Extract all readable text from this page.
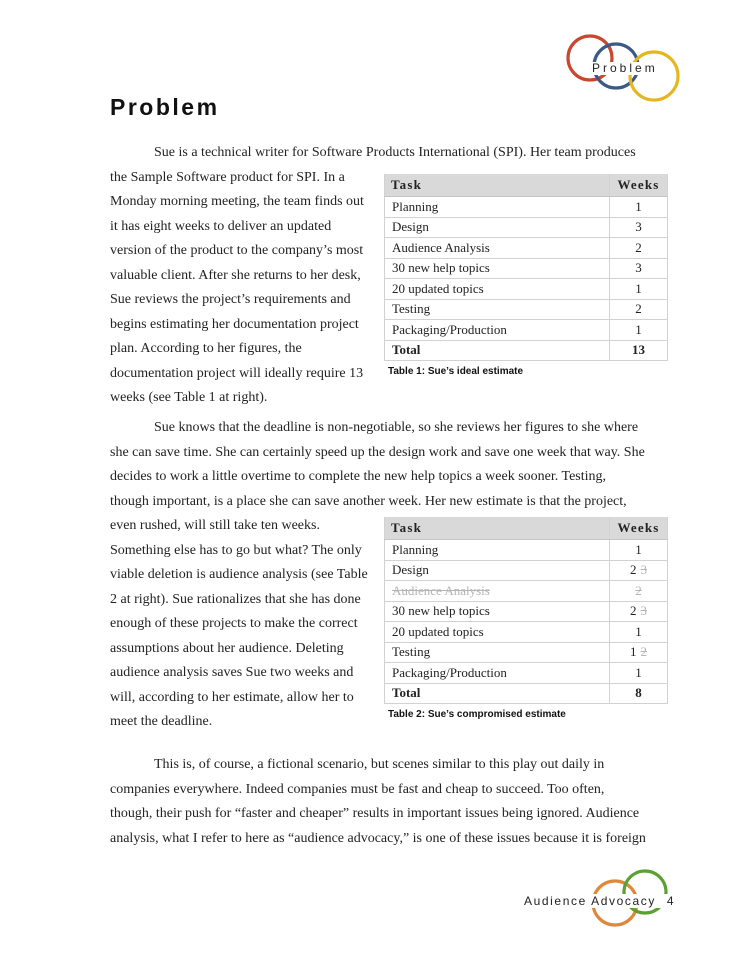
Problem
Problem

Sue is a technical writer for Software Products International (SPI). Her team produces
the Sample Software product for SPI. In a
Monday morning meeting, the team finds out
it has eight weeks to deliver an updated
version of the product to the company’s most
valuable client. After she returns to her desk,
Sue reviews the project’s requirements and
begins estimating her documentation project
plan. According to her figures, the
documentation project will ideally require 13
weeks (see Table 1 at right).

Task	Weeks
Planning	1
Design	3
Audience Analysis	2
30 new help topics	3
20 updated topics	1
Testing	2
Packaging/Production	1
Total	13
Table 1: Sue’s ideal estimate

Sue knows that the deadline is non-negotiable, so she reviews her figures to she where
she can save time. She can certainly speed up the design work and save one week that way. She
decides to work a little overtime to complete the new help topics a week sooner. Testing,
though important, is a place she can save another week. Her new estimate is that the project,
even rushed, will still take ten weeks.
Something else has to go but what? The only
viable deletion is audience analysis (see Table
2 at right). Sue rationalizes that she has done
enough of these projects to make the correct
assumptions about her audience. Deleting
audience analysis saves Sue two weeks and
will, according to her estimate, allow her to
meet the deadline.

Task	Weeks
Planning	1
Design	2 3
Audience Analysis	2
30 new help topics	2 3
20 updated topics	1
Testing	1 2
Packaging/Production	1
Total	8
Table 2: Sue’s compromised estimate

This is, of course, a fictional scenario, but scenes similar to this play out daily in
companies everywhere. Indeed companies must be fast and cheap to succeed. Too often,
though, their push for “faster and cheaper” results in important issues being ignored. Audience
analysis, what I refer to here as “audience advocacy,” is one of these issues because it is foreign

Audience Advocacy 4
